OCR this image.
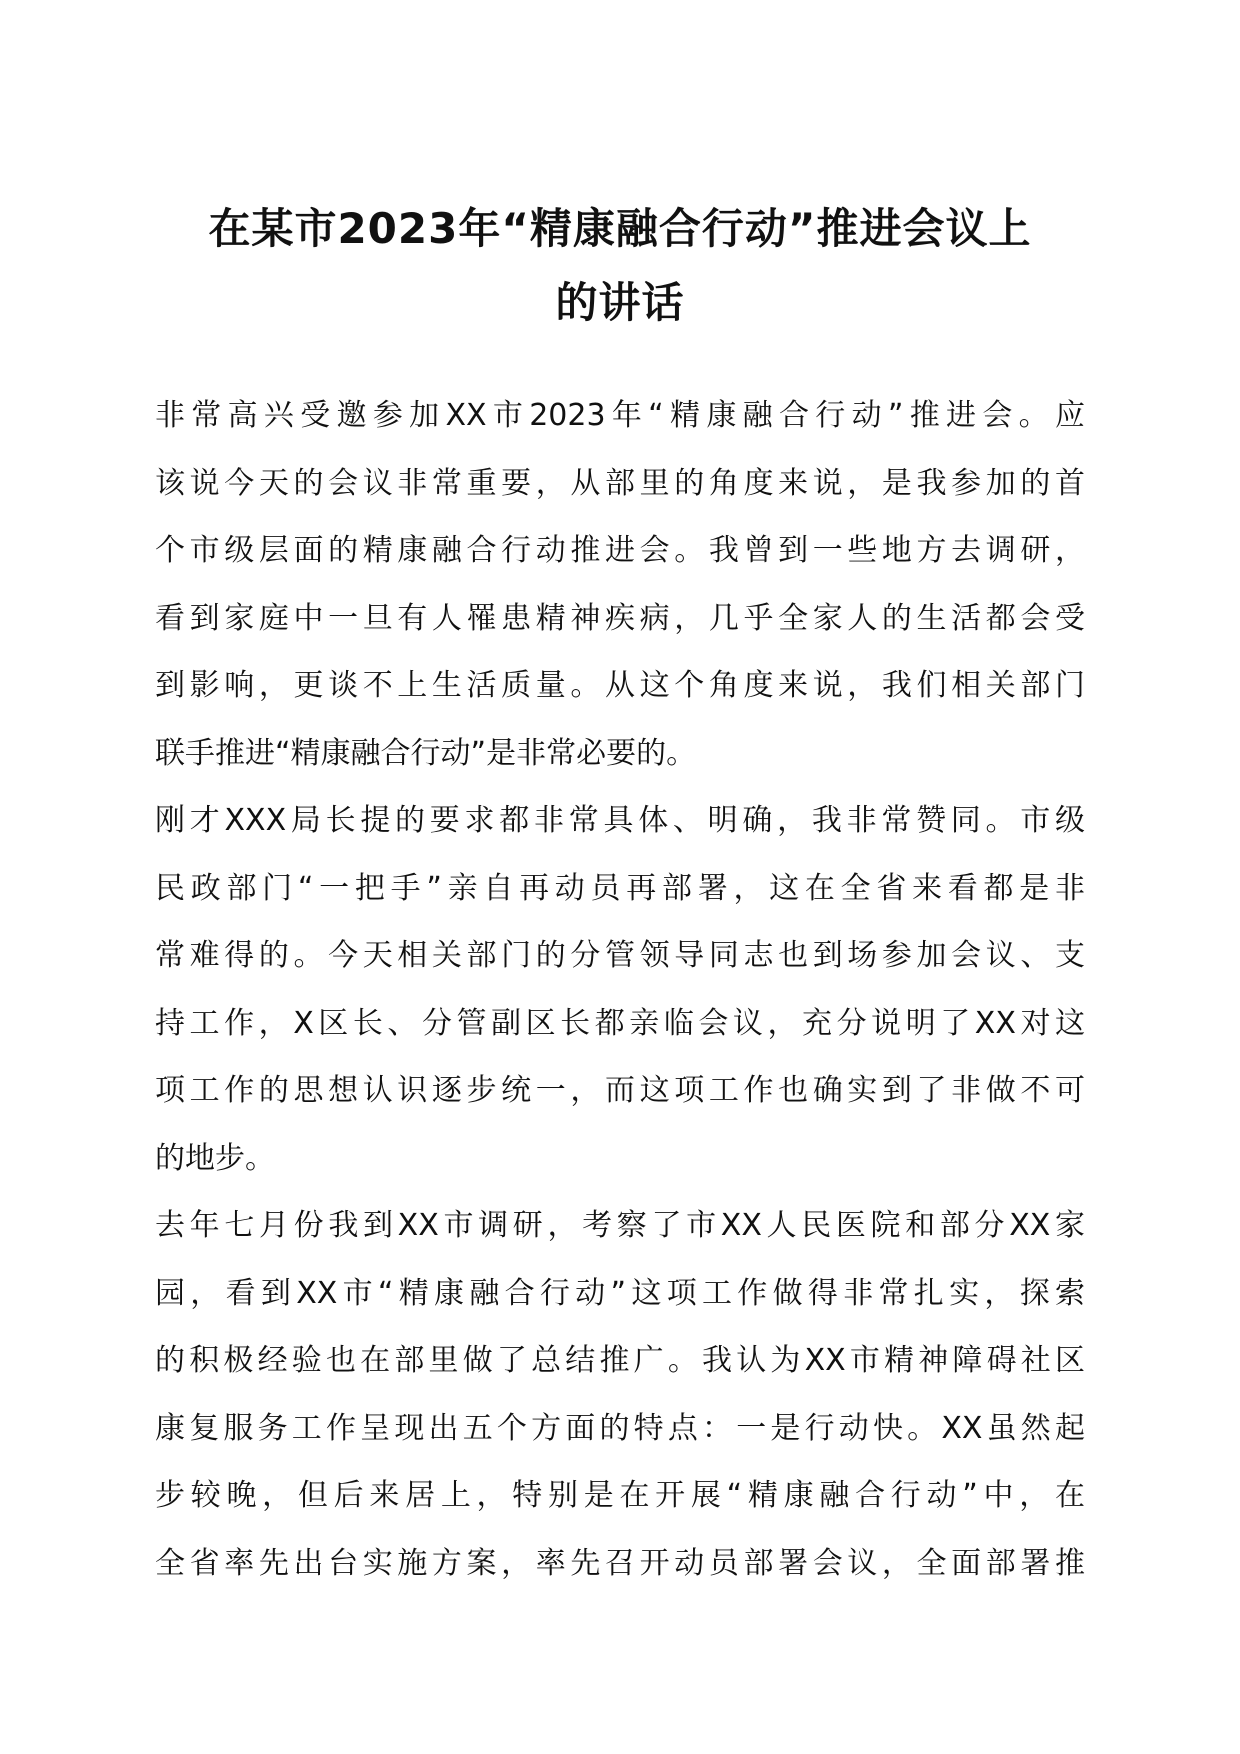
在某市2023年“精康融合行动”推进会议上
的讲话
非常高兴受邀参加XX市2023年“精康融合行动”推进会。应
该说今天的会议非常重要，从部里的角度来说，是我参加的首
个市级层面的精康融合行动推进会。我曾到一些地方去调研，
看到家庭中一旦有人罹患精神疾病，几乎全家人的生活都会受
到影响，更谈不上生活质量。从这个角度来说，我们相关部门
联手推进“精康融合行动”是非常必要的。
刚才XXX局长提的要求都非常具体、明确，我非常赞同。市级
民政部门“一把手”亲自再动员再部署，这在全省来看都是非
常难得的。今天相关部门的分管领导同志也到场参加会议、支
持工作，X区长、分管副区长都亲临会议，充分说明了XX对这
项工作的思想认识逐步统一，而这项工作也确实到了非做不可
的地步。
去年七月份我到XX市调研，考察了市XX人民医院和部分XX家
园，看到XX市“精康融合行动”这项工作做得非常扎实，探索
的积极经验也在部里做了总结推广。我认为XX市精神障碍社区
康复服务工作呈现出五个方面的特点：一是行动快。XX虽然起
步较晚，但后来居上，特别是在开展“精康融合行动”中，在
全省率先出台实施方案，率先召开动员部署会议，全面部署推
